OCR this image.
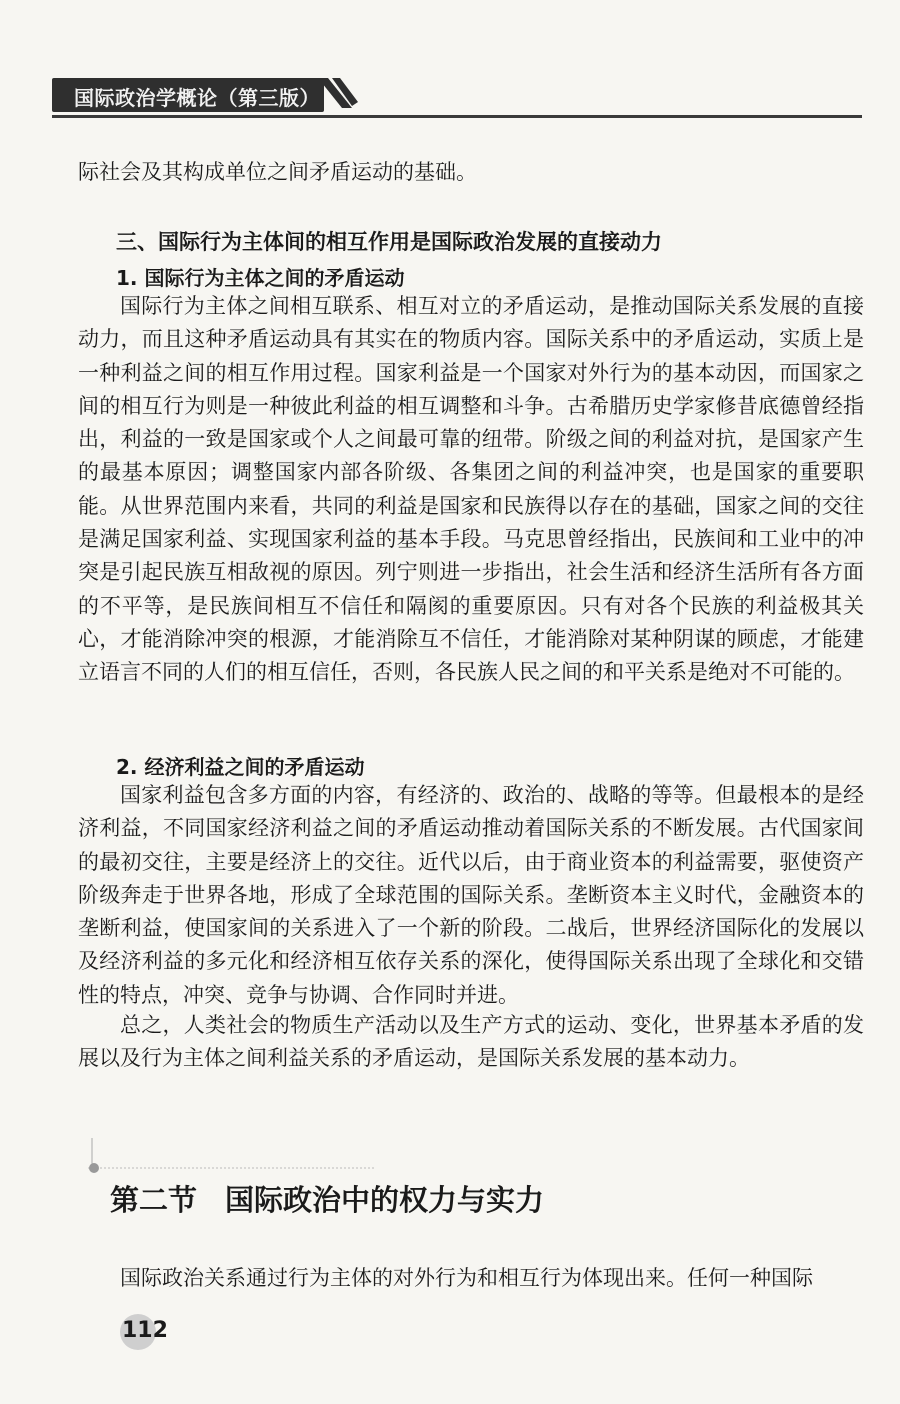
国际政治学概论（第三版）
际社会及其构成单位之间矛盾运动的基础。
三、国际行为主体间的相互作用是国际政治发展的直接动力
1. 国际行为主体之间的矛盾运动
国际行为主体之间相互联系、相互对立的矛盾运动，是推动国际关系发展的直接动力，而且这种矛盾运动具有其实在的物质内容。国际关系中的矛盾运动，实质上是一种利益之间的相互作用过程。国家利益是一个国家对外行为的基本动因，而国家之间的相互行为则是一种彼此利益的相互调整和斗争。古希腊历史学家修昔底德曾经指出，利益的一致是国家或个人之间最可靠的纽带。阶级之间的利益对抗，是国家产生的最基本原因；调整国家内部各阶级、各集团之间的利益冲突，也是国家的重要职能。从世界范围内来看，共同的利益是国家和民族得以存在的基础，国家之间的交往是满足国家利益、实现国家利益的基本手段。马克思曾经指出，民族间和工业中的冲突是引起民族互相敌视的原因。列宁则进一步指出，社会生活和经济生活所有各方面的不平等，是民族间相互不信任和隔阂的重要原因。只有对各个民族的利益极其关心，才能消除冲突的根源，才能消除互不信任，才能消除对某种阴谋的顾虑，才能建立语言不同的人们的相互信任，否则，各民族人民之间的和平关系是绝对不可能的。
2. 经济利益之间的矛盾运动
国家利益包含多方面的内容，有经济的、政治的、战略的等等。但最根本的是经济利益，不同国家经济利益之间的矛盾运动推动着国际关系的不断发展。古代国家间的最初交往，主要是经济上的交往。近代以后，由于商业资本的利益需要，驱使资产阶级奔走于世界各地，形成了全球范围的国际关系。垄断资本主义时代，金融资本的垄断利益，使国家间的关系进入了一个新的阶段。二战后，世界经济国际化的发展以及经济利益的多元化和经济相互依存关系的深化，使得国际关系出现了全球化和交错性的特点，冲突、竞争与协调、合作同时并进。
总之，人类社会的物质生产活动以及生产方式的运动、变化，世界基本矛盾的发展以及行为主体之间利益关系的矛盾运动，是国际关系发展的基本动力。
第二节 国际政治中的权力与实力
国际政治关系通过行为主体的对外行为和相互行为体现出来。任何一种国际
112
